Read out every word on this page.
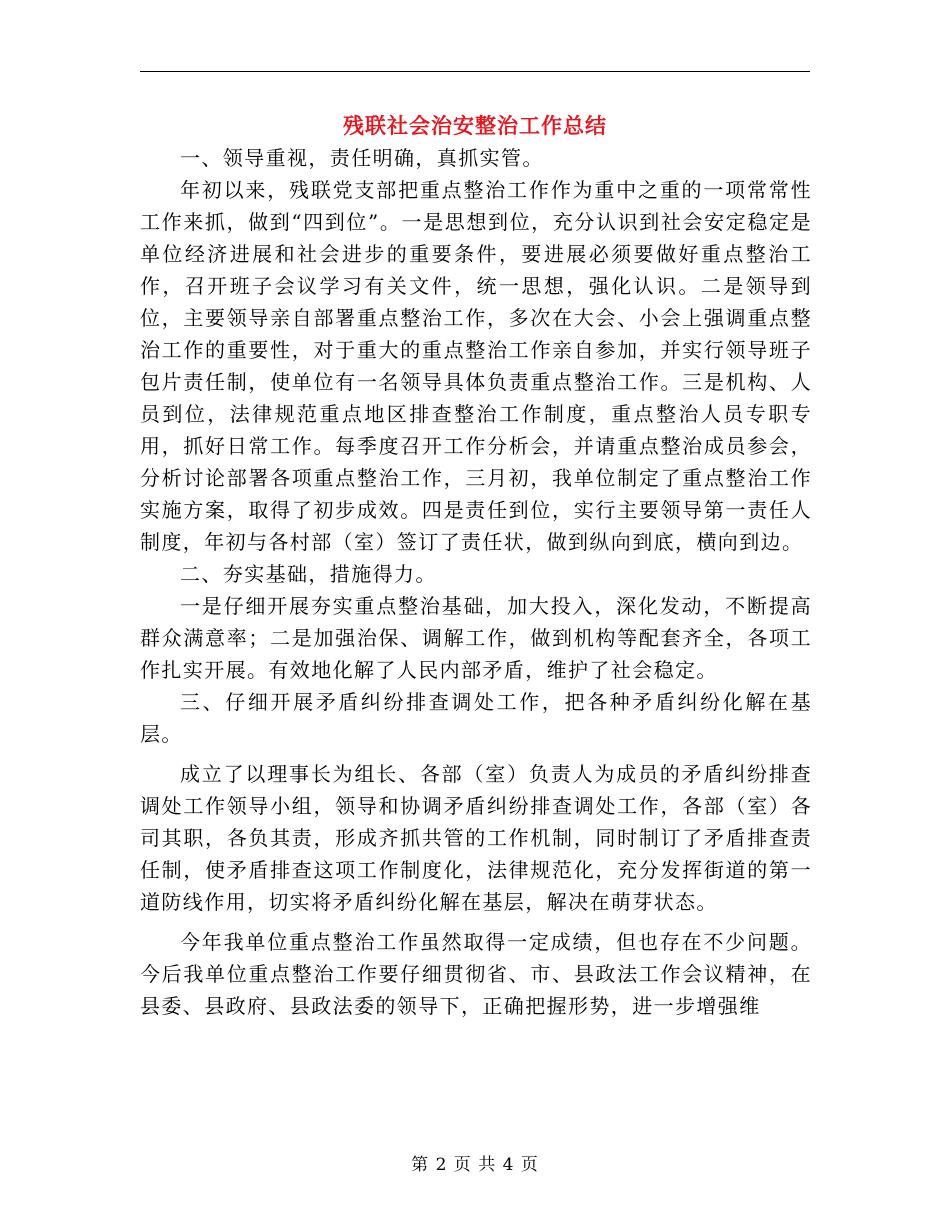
残联社会治安整治工作总结

一、领导重视，责任明确，真抓实管。

年初以来，残联党支部把重点整治工作作为重中之重的一项常常性工作来抓，做到“四到位”。一是思想到位，充分认识到社会安定稳定是单位经济进展和社会进步的重要条件，要进展必须要做好重点整治工作，召开班子会议学习有关文件，统一思想，强化认识。二是领导到位，主要领导亲自部署重点整治工作，多次在大会、小会上强调重点整治工作的重要性，对于重大的重点整治工作亲自参加，并实行领导班子包片责任制，使单位有一名领导具体负责重点整治工作。三是机构、人员到位，法律规范重点地区排查整治工作制度，重点整治人员专职专用，抓好日常工作。每季度召开工作分析会，并请重点整治成员参会，分析讨论部署各项重点整治工作，三月初，我单位制定了重点整治工作实施方案，取得了初步成效。四是责任到位，实行主要领导第一责任人制度，年初与各村部（室）签订了责任状，做到纵向到底，横向到边。

二、夯实基础，措施得力。

一是仔细开展夯实重点整治基础，加大投入，深化发动，不断提高群众满意率；二是加强治保、调解工作，做到机构等配套齐全，各项工作扎实开展。有效地化解了人民内部矛盾，维护了社会稳定。

三、仔细开展矛盾纠纷排查调处工作，把各种矛盾纠纷化解在基层。

成立了以理事长为组长、各部（室）负责人为成员的矛盾纠纷排查调处工作领导小组，领导和协调矛盾纠纷排查调处工作，各部（室）各司其职，各负其责，形成齐抓共管的工作机制，同时制订了矛盾排查责任制，使矛盾排查这项工作制度化，法律规范化，充分发挥街道的第一道防线作用，切实将矛盾纠纷化解在基层，解决在萌芽状态。

今年我单位重点整治工作虽然取得一定成绩，但也存在不少问题。今后我单位重点整治工作要仔细贯彻省、市、县政法工作会议精神，在县委、县政府、县政法委的领导下，正确把握形势，进一步增强维

第 2 页 共 4 页
